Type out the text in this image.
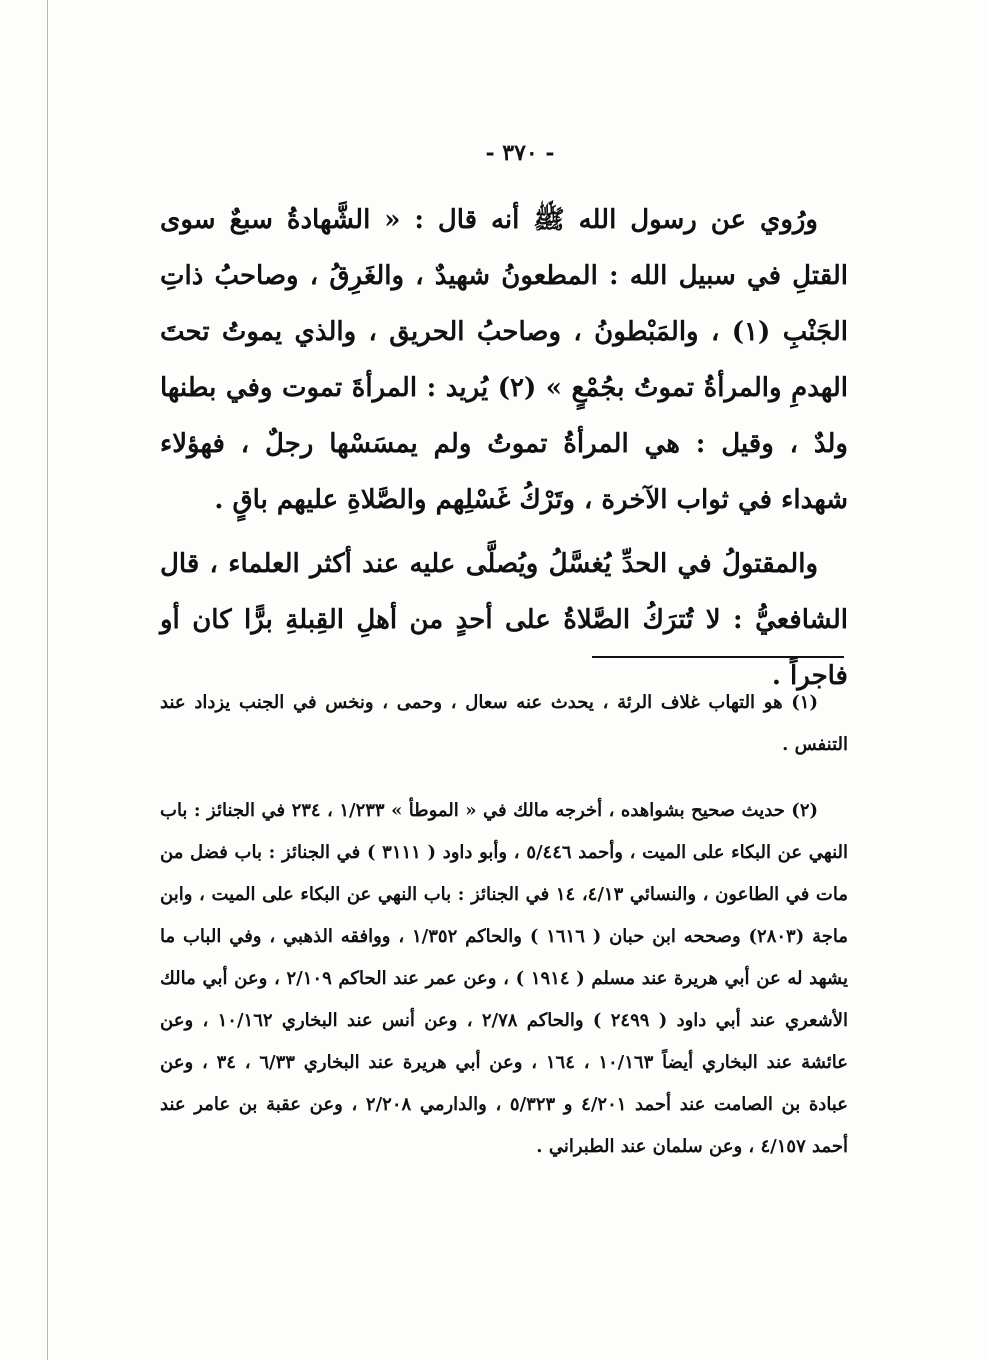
- ٣٧٠ -

ورُوي عن رسول الله ﷺ أنه قال : « الشَّهادةُ سبعٌ سوى القتلِ في سبيل الله : المطعونُ شهيدٌ ، والغَرِقُ ، وصاحبُ ذاتِ الجَنْبِ (١) ، والمَبْطونُ ، وصاحبُ الحريق ، والذي يموتُ تحتَ الهدمِ والمرأةُ تموتُ بجُمْعٍ » (٢) يُريد : المرأةَ تموت وفي بطنها ولدٌ ، وقيل : هي المرأةُ تموتُ ولم يمسَسْها رجلٌ ، فهؤلاء شهداء في ثواب الآخرة ، وتَرْكُ غَسْلِهم والصَّلاةِ عليهم باقٍ .

والمقتولُ في الحدِّ يُغسَّلُ ويُصلَّى عليه عند أكثر العلماء ، قال الشافعيُّ : لا تُترَكُ الصَّلاةُ على أحدٍ من أهلِ القِبلةِ برًّا كان أو فاجراً .

(١) هو التهاب غلاف الرئة ، يحدث عنه سعال ، وحمى ، ونخس في الجنب يزداد عند التنفس .

(٢) حديث صحيح بشواهده ، أخرجه مالك في « الموطأ » ١/٢٣٣ ، ٢٣٤ في الجنائز : باب النهي عن البكاء على الميت ، وأحمد ٥/٤٤٦ ، وأبو داود ( ٣١١١ ) في الجنائز : باب فضل من مات في الطاعون ، والنسائي ٤/١٣، ١٤ في الجنائز : باب النهي عن البكاء على الميت ، وابن ماجة (٢٨٠٣) وصححه ابن حبان ( ١٦١٦ ) والحاكم ١/٣٥٢ ، ووافقه الذهبي ، وفي الباب ما يشهد له عن أبي هريرة عند مسلم ( ١٩١٤ ) ، وعن عمر عند الحاكم ٢/١٠٩ ، وعن أبي مالك الأشعري عند أبي داود ( ٢٤٩٩ ) والحاكم ٢/٧٨ ، وعن أنس عند البخاري ١٠/١٦٢ ، وعن عائشة عند البخاري أيضاً ١٠/١٦٣ ، ١٦٤ ، وعن أبي هريرة عند البخاري ٦/٣٣ ، ٣٤ ، وعن عبادة بن الصامت عند أحمد ٤/٢٠١ و ٥/٣٢٣ ، والدارمي ٢/٢٠٨ ، وعن عقبة بن عامر عند أحمد ٤/١٥٧ ، وعن سلمان عند الطبراني .
